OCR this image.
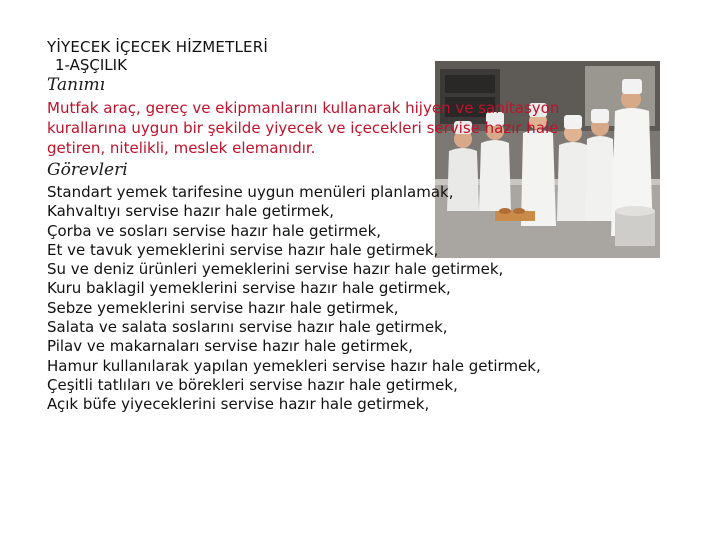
YİYECEK İÇECEK HİZMETLERİ

1-AŞÇILIK

Tanımı

Mutfak araç, gereç ve ekipmanlarını kullanarak hijyen ve sanitasyon
kurallarına uygun bir şekilde yiyecek ve içecekleri servise hazır hale
getiren, nitelikli, meslek elemanıdır.

Görevleri

Standart yemek tarifesine uygun menüleri planlamak,
Kahvaltıyı servise hazır hale getirmek,
Çorba ve sosları servise hazır hale getirmek,
Et ve tavuk yemeklerini servise hazır hale getirmek,
Su ve deniz ürünleri yemeklerini servise hazır hale getirmek,
Kuru baklagil yemeklerini servise hazır hale getirmek,
Sebze yemeklerini servise hazır hale getirmek,
Salata ve salata soslarını servise hazır hale getirmek,
Pilav ve makarnaları servise hazır hale getirmek,
Hamur kullanılarak yapılan yemekleri servise hazır hale getirmek,
Çeşitli tatlıları ve börekleri servise hazır hale getirmek,
Açık büfe yiyeceklerini servise hazır hale getirmek,
